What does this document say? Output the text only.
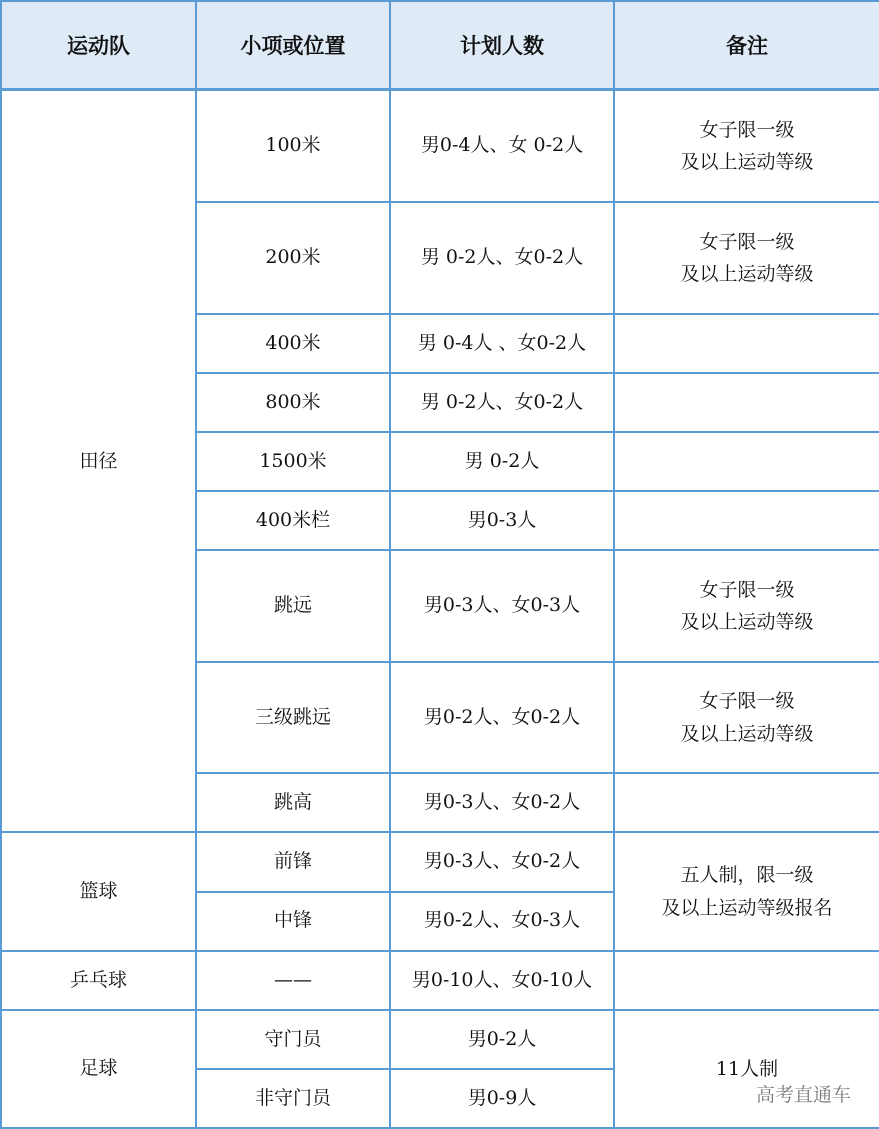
运动队	小项或位置	计划人数	备注
田径	100米	男0-4人、女 0-2人	女子限一级
及以上运动等级
	200米	男 0-2人、女0-2人	女子限一级
及以上运动等级
	400米	男 0-4人 、女0-2人	
	800米	男 0-2人、女0-2人	
	1500米	男 0-2人	
	400米栏	男0-3人	
	跳远	男0-3人、女0-3人	女子限一级
及以上运动等级
	三级跳远	男0-2人、女0-2人	女子限一级
及以上运动等级
	跳高	男0-3人、女0-2人	
篮球	前锋	男0-3人、女0-2人	五人制，限一级
及以上运动等级报名
	中锋	男0-2人、女0-3人	
乒乓球	——	男0-10人、女0-10人	
足球	守门员	男0-2人	11人制
	非守门员	男0-9人		高考直通车
